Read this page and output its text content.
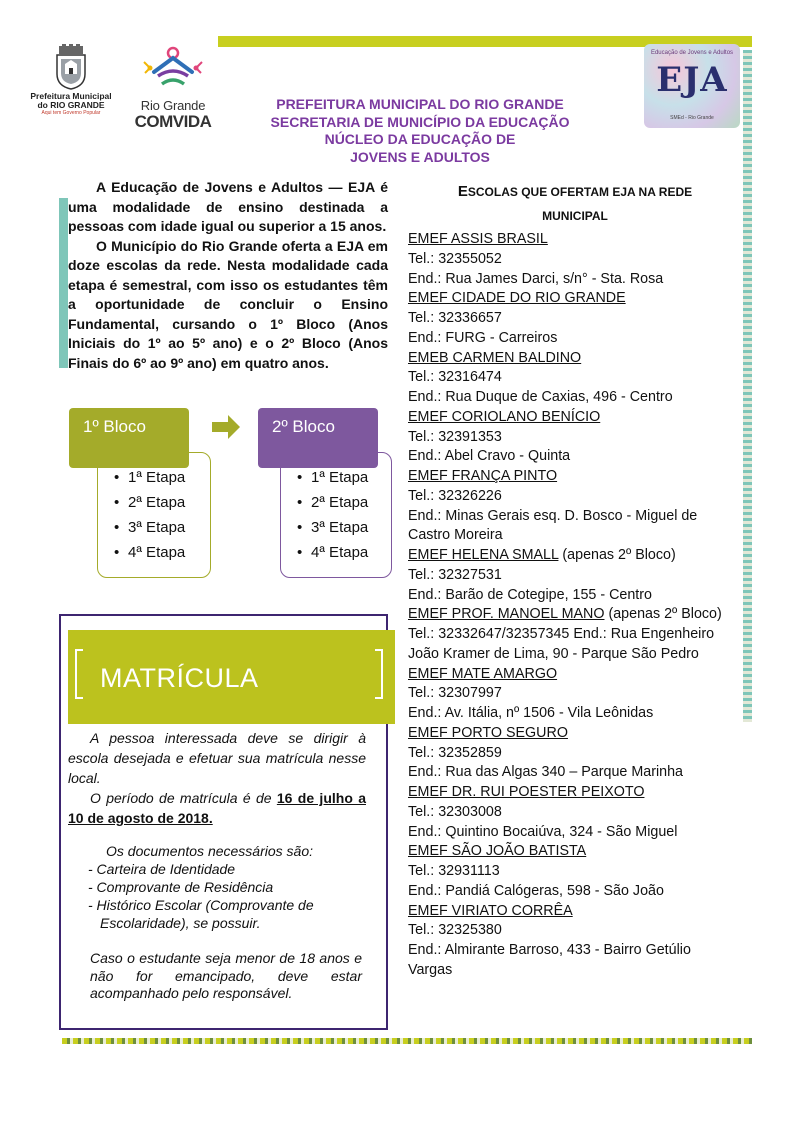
Prefeitura Municipal
do RIO GRANDE
Aqui tem Governo Popular	Rio Grande
COMVIDA
Educação de Jovens e Adultos
EJA
SMEd - Rio Grande
PREFEITURA MUNICIPAL DO RIO GRANDE
SECRETARIA DE MUNICÍPIO DA EDUCAÇÃO
NÚCLEO DA EDUCAÇÃO DE
JOVENS E ADULTOS

A Educação de Jovens e Adultos — EJA é uma modalidade de ensino destinada a pessoas com idade igual ou superior a 15 anos.

O Município do Rio Grande oferta a EJA em doze escolas da rede. Nesta modalidade cada etapa é semestral, com isso os estudantes têm a oportunidade de concluir o Ensino Fundamental, cursando o 1º Bloco (Anos Iniciais do 1º ao 5º ano) e o 2º Bloco (Anos Finais do 6º ao 9º ano) em quatro anos.

• 1ª Etapa
• 2ª Etapa
• 3ª Etapa
• 4ª Etapa
1º Bloco
• 1ª Etapa
• 2ª Etapa
• 3ª Etapa
• 4ª Etapa
2º Bloco
MATRÍCULA

A pessoa interessada deve se dirigir à escola desejada e efetuar sua matrícula nesse local.

O período de matrícula é de 16 de julho a 10 de agosto de 2018.

Os documentos necessários são:
- Carteira de Identidade
- Comprovante de Residência
- Histórico Escolar (Comprovante de Escolaridade), se possuir.
Caso o estudante seja menor de 18 anos e não for emancipado, deve estar acompanhado pelo responsável.
ESCOLAS QUE OFERTAM EJA NA REDE
MUNICIPAL
EMEF ASSIS BRASIL
Tel.: 32355052
End.: Rua James Darci, s/n° - Sta. Rosa
EMEF CIDADE DO RIO GRANDE
Tel.: 32336657
End.: FURG - Carreiros
EMEB CARMEN BALDINO
Tel.: 32316474
End.: Rua Duque de Caxias, 496 - Centro
EMEF CORIOLANO BENÍCIO
Tel.: 32391353
End.: Abel Cravo - Quinta
EMEF FRANÇA PINTO
Tel.: 32326226
End.: Minas Gerais esq. D. Bosco - Miguel de Castro Moreira
EMEF HELENA SMALL (apenas 2º Bloco)
Tel.: 32327531
End.: Barão de Cotegipe, 155 - Centro
EMEF PROF. MANOEL MANO (apenas 2º Bloco)
Tel.: 32332647/32357345 End.: Rua Engenheiro João Kramer de Lima, 90 - Parque São Pedro
EMEF MATE AMARGO
Tel.: 32307997
End.: Av. Itália, nº 1506 - Vila Leônidas
EMEF PORTO SEGURO
Tel.: 32352859
End.: Rua das Algas 340 – Parque Marinha
EMEF DR. RUI POESTER PEIXOTO
Tel.: 32303008
End.: Quintino Bocaiúva, 324 - São Miguel
EMEF SÃO JOÃO BATISTA
Tel.: 32931113
End.: Pandiá Calógeras, 598 - São João
EMEF VIRIATO CORRÊA
Tel.: 32325380
End.: Almirante Barroso, 433 - Bairro Getúlio Vargas
